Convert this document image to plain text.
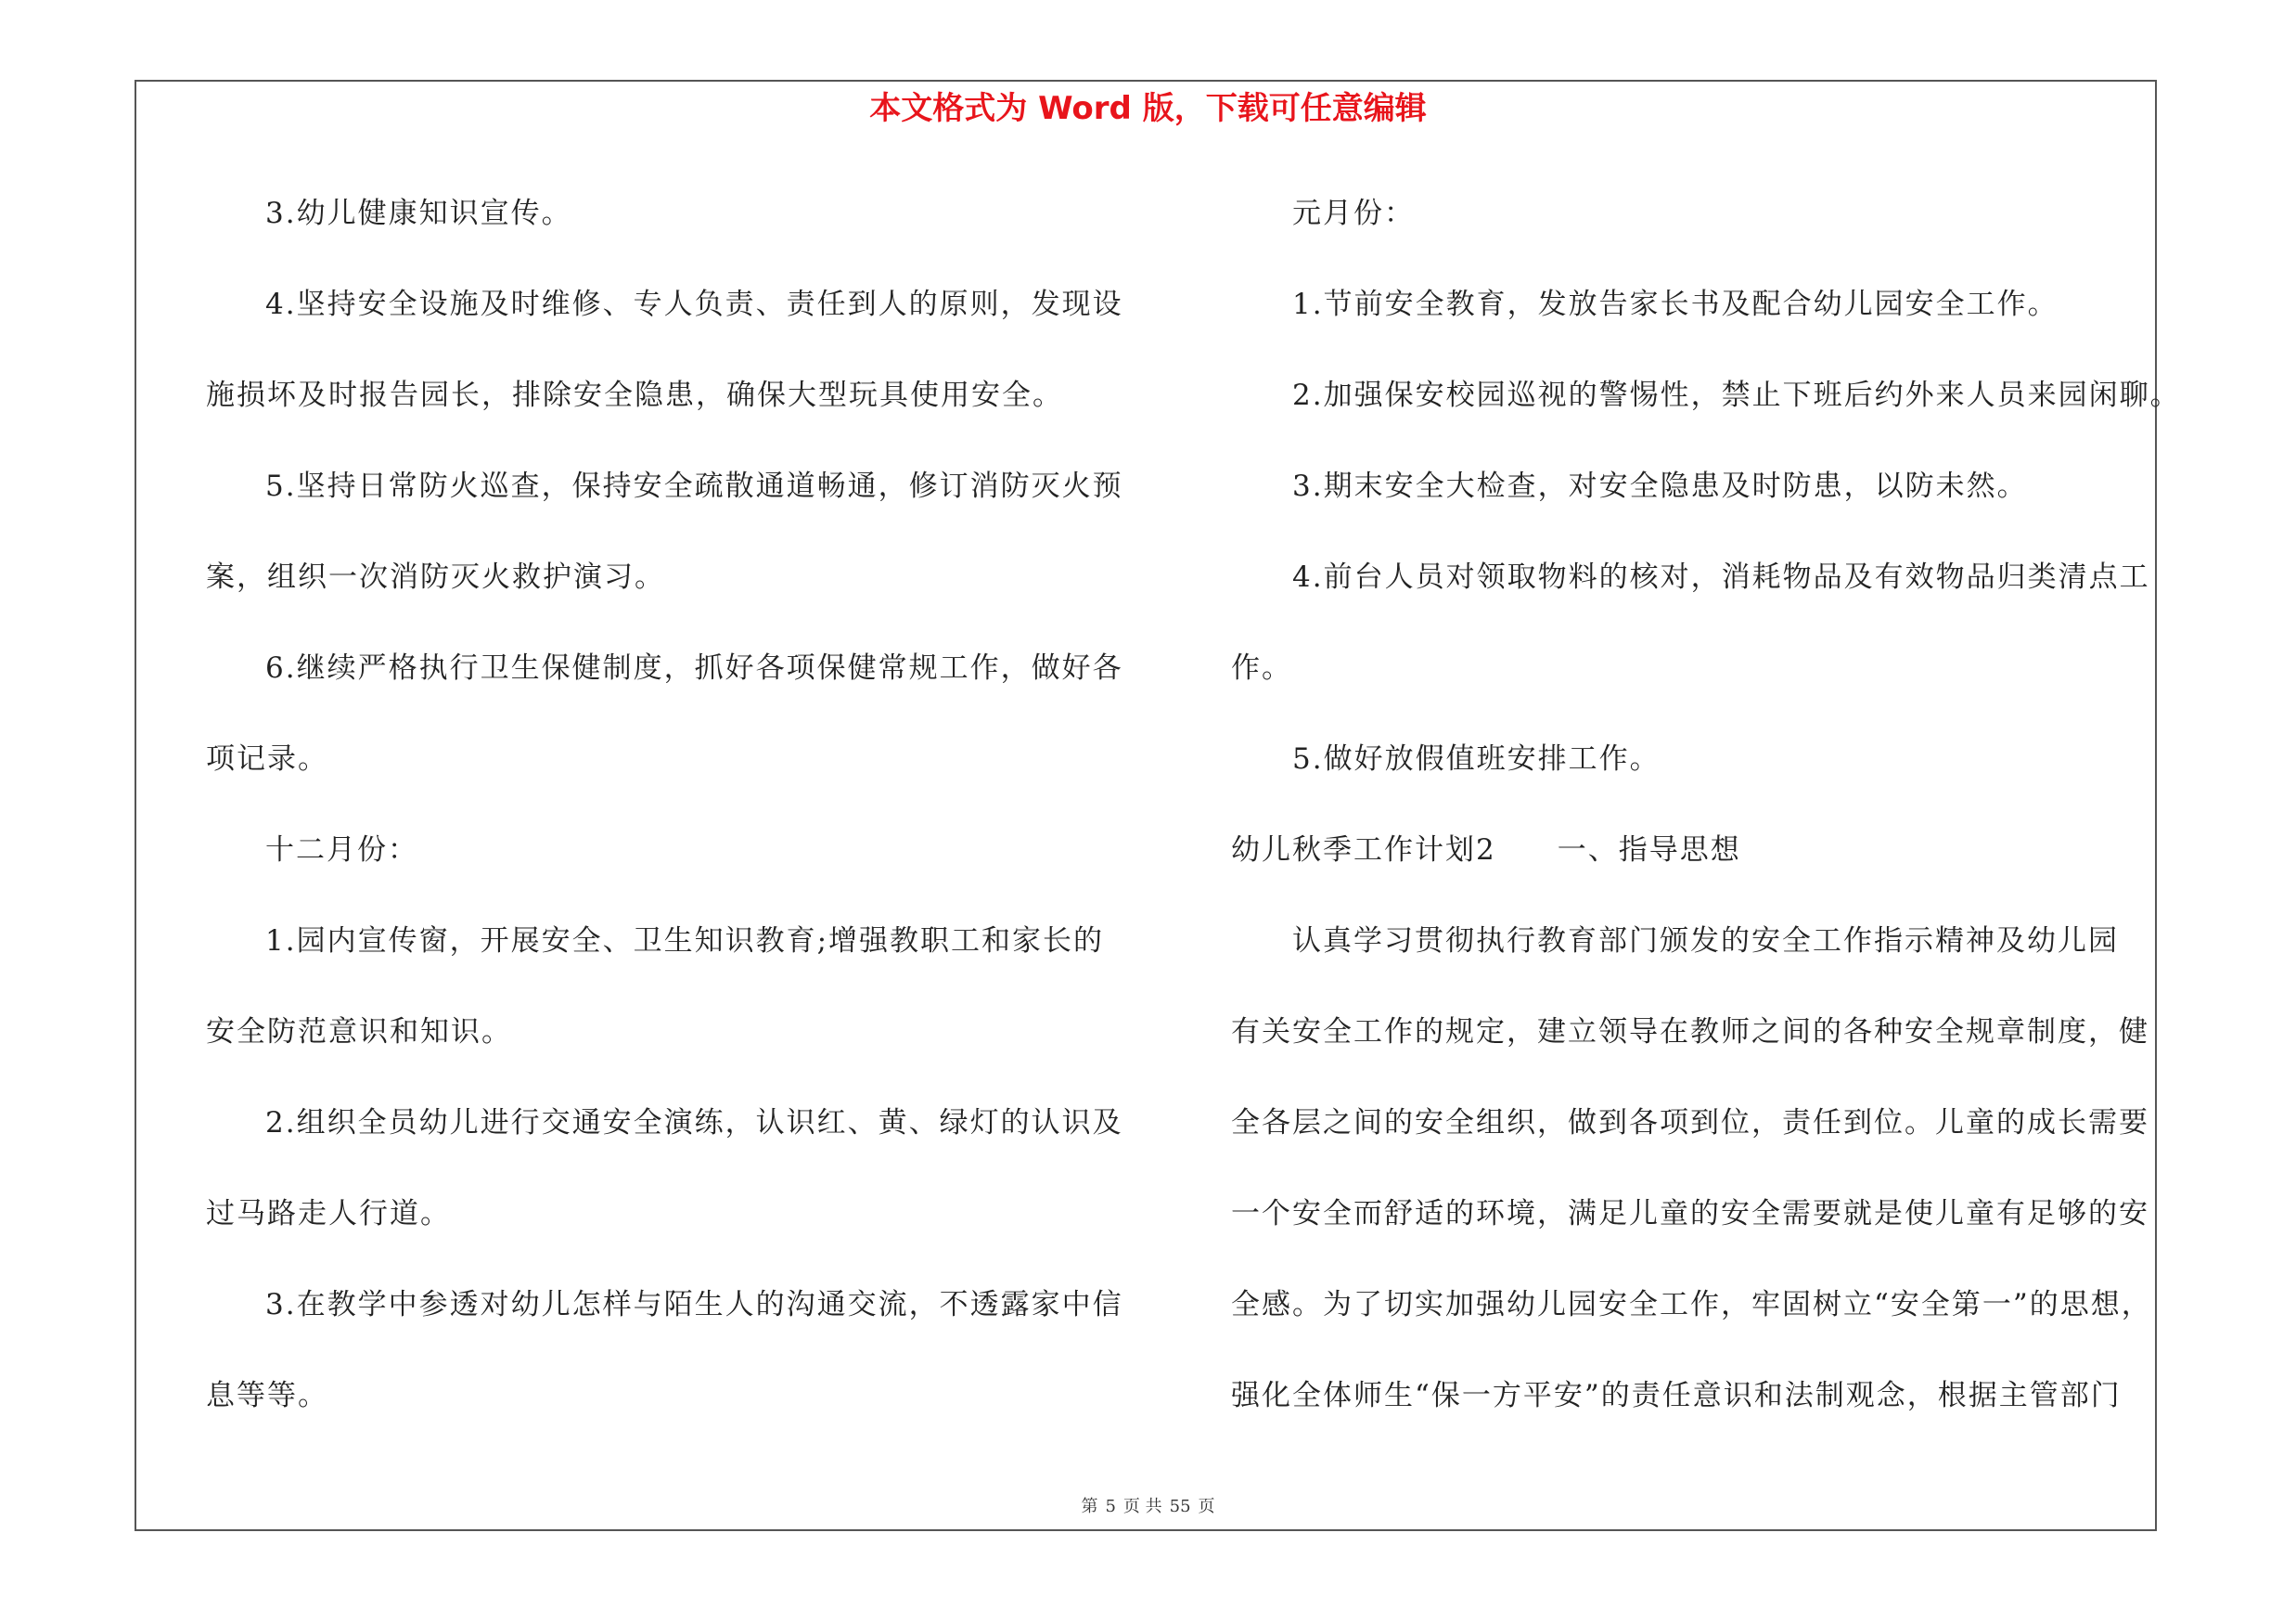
本文格式为 Word 版，下载可任意编辑
3.幼儿健康知识宣传。
4.坚持安全设施及时维修、专人负责、责任到人的原则，发现设
施损坏及时报告园长，排除安全隐患，确保大型玩具使用安全。
5.坚持日常防火巡查，保持安全疏散通道畅通，修订消防灭火预
案，组织一次消防灭火救护演习。
6.继续严格执行卫生保健制度，抓好各项保健常规工作，做好各
项记录。
十二月份：
1.园内宣传窗，开展安全、卫生知识教育;增强教职工和家长的
安全防范意识和知识。
2.组织全员幼儿进行交通安全演练，认识红、黄、绿灯的认识及
过马路走人行道。
3.在教学中参透对幼儿怎样与陌生人的沟通交流，不透露家中信
息等等。
元月份：
1.节前安全教育，发放告家长书及配合幼儿园安全工作。
2.加强保安校园巡视的警惕性，禁止下班后约外来人员来园闲聊。
3.期末安全大检查，对安全隐患及时防患，以防未然。
4.前台人员对领取物料的核对，消耗物品及有效物品归类清点工
作。
5.做好放假值班安排工作。
幼儿秋季工作计划2　　一、指导思想
认真学习贯彻执行教育部门颁发的安全工作指示精神及幼儿园
有关安全工作的规定，建立领导在教师之间的各种安全规章制度，健
全各层之间的安全组织，做到各项到位，责任到位。儿童的成长需要
一个安全而舒适的环境，满足儿童的安全需要就是使儿童有足够的安
全感。为了切实加强幼儿园安全工作，牢固树立“安全第一”的思想，
强化全体师生“保一方平安”的责任意识和法制观念，根据主管部门
第 5 页 共 55 页
